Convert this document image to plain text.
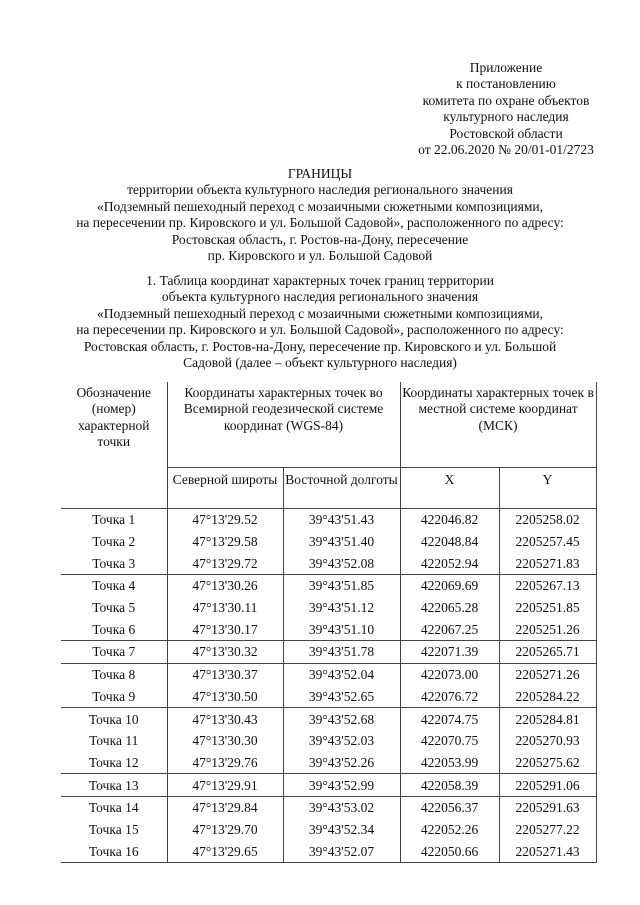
Приложение
к постановлению
комитета по охране объектов
культурного наследия
Ростовской области
от 22.06.2020 № 20/01-01/2723
ГРАНИЦЫ
территории объекта культурного наследия регионального значения
«Подземный пешеходный переход с мозаичными сюжетными композициями,
на пересечении пр. Кировского и ул. Большой Садовой», расположенного по адресу:
Ростовская область, г. Ростов-на-Дону, пересечение
пр. Кировского и ул. Большой Садовой
1. Таблица координат характерных точек границ территории
объекта культурного наследия регионального значения
«Подземный пешеходный переход с мозаичными сюжетными композициями,
на пересечении пр. Кировского и ул. Большой Садовой», расположенного по адресу:
Ростовская область, г. Ростов-на-Дону, пересечение пр. Кировского и ул. Большой
Садовой (далее – объект культурного наследия)
Обозначение (номер) характерной точки	Координаты характерных точек во Всемирной геодезической системе координат (WGS-84)		Координаты характерных точек в местной системе координат (МСК)	
	Северной широты	Восточной долготы	X	Y
Точка 1	47°13'29.52	39°43'51.43	422046.82	2205258.02
Точка 2	47°13'29.58	39°43'51.40	422048.84	2205257.45
Точка 3	47°13'29.72	39°43'52.08	422052.94	2205271.83
Точка 4	47°13'30.26	39°43'51.85	422069.69	2205267.13
Точка 5	47°13'30.11	39°43'51.12	422065.28	2205251.85
Точка 6	47°13'30.17	39°43'51.10	422067.25	2205251.26
Точка 7	47°13'30.32	39°43'51.78	422071.39	2205265.71
Точка 8	47°13'30.37	39°43'52.04	422073.00	2205271.26
Точка 9	47°13'30.50	39°43'52.65	422076.72	2205284.22
Точка 10	47°13'30.43	39°43'52.68	422074.75	2205284.81
Точка 11	47°13'30.30	39°43'52.03	422070.75	2205270.93
Точка 12	47°13'29.76	39°43'52.26	422053.99	2205275.62
Точка 13	47°13'29.91	39°43'52.99	422058.39	2205291.06
Точка 14	47°13'29.84	39°43'53.02	422056.37	2205291.63
Точка 15	47°13'29.70	39°43'52.34	422052.26	2205277.22
Точка 16	47°13'29.65	39°43'52.07	422050.66	2205271.43
